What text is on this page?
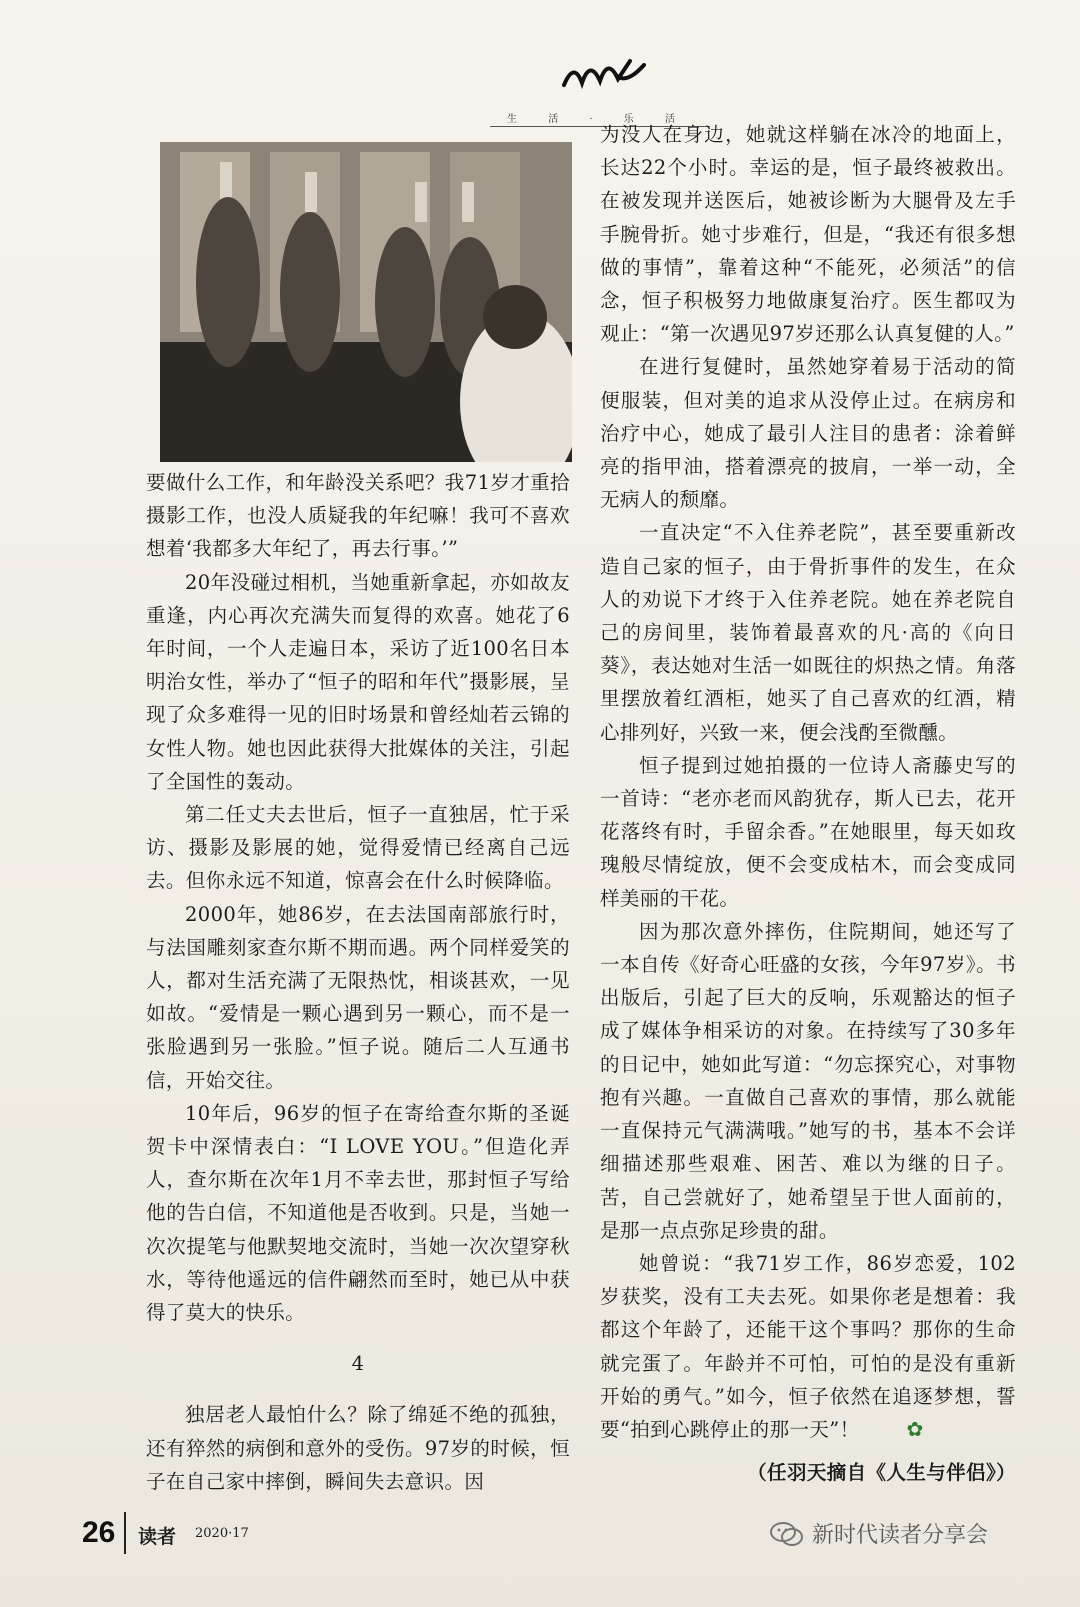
生 活 · 乐 活

要做什么工作，和年龄没关系吧？我71岁才重拾摄影工作，也没人质疑我的年纪嘛！我可不喜欢想着‘我都多大年纪了，再去行事。’”

20年没碰过相机，当她重新拿起，亦如故友重逢，内心再次充满失而复得的欢喜。她花了6年时间，一个人走遍日本，采访了近100名日本明治女性，举办了“恒子的昭和年代”摄影展，呈现了众多难得一见的旧时场景和曾经灿若云锦的女性人物。她也因此获得大批媒体的关注，引起了全国性的轰动。

第二任丈夫去世后，恒子一直独居，忙于采访、摄影及影展的她，觉得爱情已经离自己远去。但你永远不知道，惊喜会在什么时候降临。

2000年，她86岁，在去法国南部旅行时，与法国雕刻家查尔斯不期而遇。两个同样爱笑的人，都对生活充满了无限热忱，相谈甚欢，一见如故。“爱情是一颗心遇到另一颗心，而不是一张脸遇到另一张脸。”恒子说。随后二人互通书信，开始交往。

10年后，96岁的恒子在寄给查尔斯的圣诞贺卡中深情表白：“I LOVE YOU。”但造化弄人，查尔斯在次年1月不幸去世，那封恒子写给他的告白信，不知道他是否收到。只是，当她一次次提笔与他默契地交流时，当她一次次望穿秋水，等待他遥远的信件翩然而至时，她已从中获得了莫大的快乐。

4

独居老人最怕什么？除了绵延不绝的孤独，还有猝然的病倒和意外的受伤。97岁的时候，恒子在自己家中摔倒，瞬间失去意识。因

为没人在身边，她就这样躺在冰冷的地面上，长达22个小时。幸运的是，恒子最终被救出。在被发现并送医后，她被诊断为大腿骨及左手手腕骨折。她寸步难行，但是，“我还有很多想做的事情”，靠着这种“不能死，必须活”的信念，恒子积极努力地做康复治疗。医生都叹为观止：“第一次遇见97岁还那么认真复健的人。”

在进行复健时，虽然她穿着易于活动的简便服装，但对美的追求从没停止过。在病房和治疗中心，她成了最引人注目的患者：涂着鲜亮的指甲油，搭着漂亮的披肩，一举一动，全无病人的颓靡。

一直决定“不入住养老院”，甚至要重新改造自己家的恒子，由于骨折事件的发生，在众人的劝说下才终于入住养老院。她在养老院自己的房间里，装饰着最喜欢的凡·高的《向日葵》，表达她对生活一如既往的炽热之情。角落里摆放着红酒柜，她买了自己喜欢的红酒，精心排列好，兴致一来，便会浅酌至微醺。

恒子提到过她拍摄的一位诗人斋藤史写的一首诗：“老亦老而风韵犹存，斯人已去，花开花落终有时，手留余香。”在她眼里，每天如玫瑰般尽情绽放，便不会变成枯木，而会变成同样美丽的干花。

因为那次意外摔伤，住院期间，她还写了一本自传《好奇心旺盛的女孩，今年97岁》。书出版后，引起了巨大的反响，乐观豁达的恒子成了媒体争相采访的对象。在持续写了30多年的日记中，她如此写道：“勿忘探究心，对事物抱有兴趣。一直做自己喜欢的事情，那么就能一直保持元气满满哦。”她写的书，基本不会详细描述那些艰难、困苦、难以为继的日子。苦，自己尝就好了，她希望呈于世人面前的，是那一点点弥足珍贵的甜。

她曾说：“我71岁工作，86岁恋爱，102岁获奖，没有工夫去死。如果你老是想着：我都这个年龄了，还能干这个事吗？那你的生命就完蛋了。年龄并不可怕，可怕的是没有重新开始的勇气。”如今，恒子依然在追逐梦想，誓要“拍到心跳停止的那一天”！ ✿

（任羽天摘自《人生与伴侣》）

26 读者 2020·17	新时代读者分享会
